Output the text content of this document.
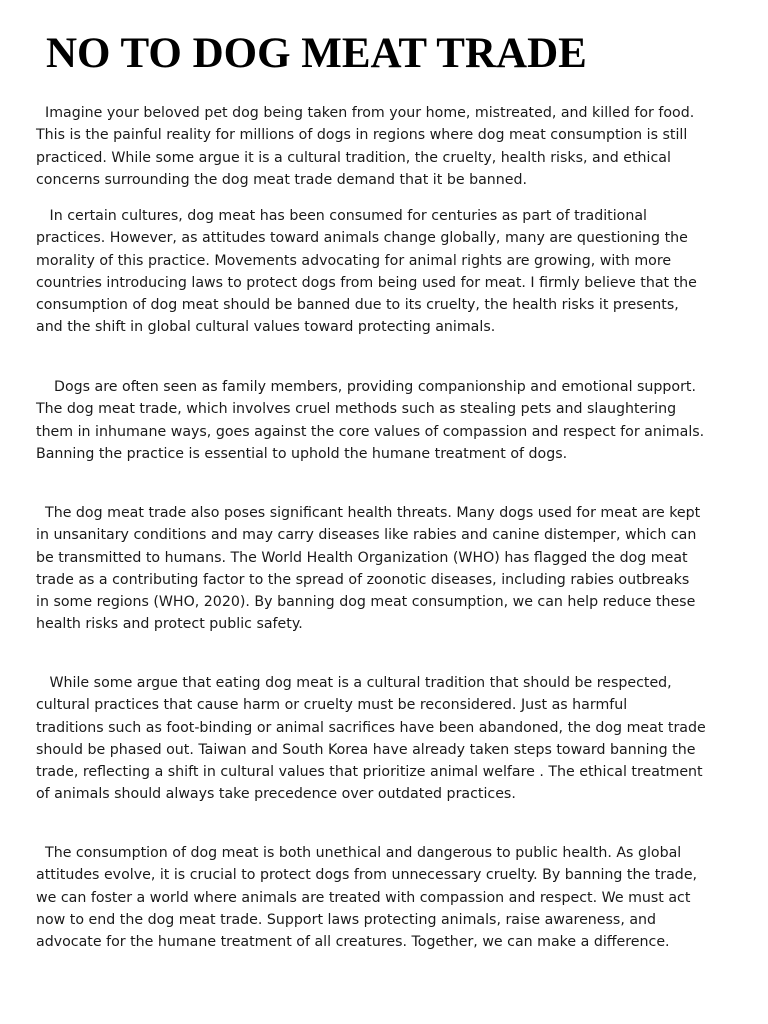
NO TO DOG MEAT TRADE

Imagine your beloved pet dog being taken from your home, mistreated, and killed for food.
This is the painful reality for millions of dogs in regions where dog meat consumption is still
practiced. While some argue it is a cultural tradition, the cruelty, health risks, and ethical
concerns surrounding the dog meat trade demand that it be banned.

In certain cultures, dog meat has been consumed for centuries as part of traditional
practices. However, as attitudes toward animals change globally, many are questioning the
morality of this practice. Movements advocating for animal rights are growing, with more
countries introducing laws to protect dogs from being used for meat. I firmly believe that the
consumption of dog meat should be banned due to its cruelty, the health risks it presents,
and the shift in global cultural values toward protecting animals.

Dogs are often seen as family members, providing companionship and emotional support.
The dog meat trade, which involves cruel methods such as stealing pets and slaughtering
them in inhumane ways, goes against the core values of compassion and respect for animals.
Banning the practice is essential to uphold the humane treatment of dogs.

The dog meat trade also poses significant health threats. Many dogs used for meat are kept
in unsanitary conditions and may carry diseases like rabies and canine distemper, which can
be transmitted to humans. The World Health Organization (WHO) has flagged the dog meat
trade as a contributing factor to the spread of zoonotic diseases, including rabies outbreaks
in some regions (WHO, 2020). By banning dog meat consumption, we can help reduce these
health risks and protect public safety.

While some argue that eating dog meat is a cultural tradition that should be respected,
cultural practices that cause harm or cruelty must be reconsidered. Just as harmful
traditions such as foot-binding or animal sacrifices have been abandoned, the dog meat trade
should be phased out. Taiwan and South Korea have already taken steps toward banning the
trade, reflecting a shift in cultural values that prioritize animal welfare . The ethical treatment
of animals should always take precedence over outdated practices.

The consumption of dog meat is both unethical and dangerous to public health. As global
attitudes evolve, it is crucial to protect dogs from unnecessary cruelty. By banning the trade,
we can foster a world where animals are treated with compassion and respect. We must act
now to end the dog meat trade. Support laws protecting animals, raise awareness, and
advocate for the humane treatment of all creatures. Together, we can make a difference.
